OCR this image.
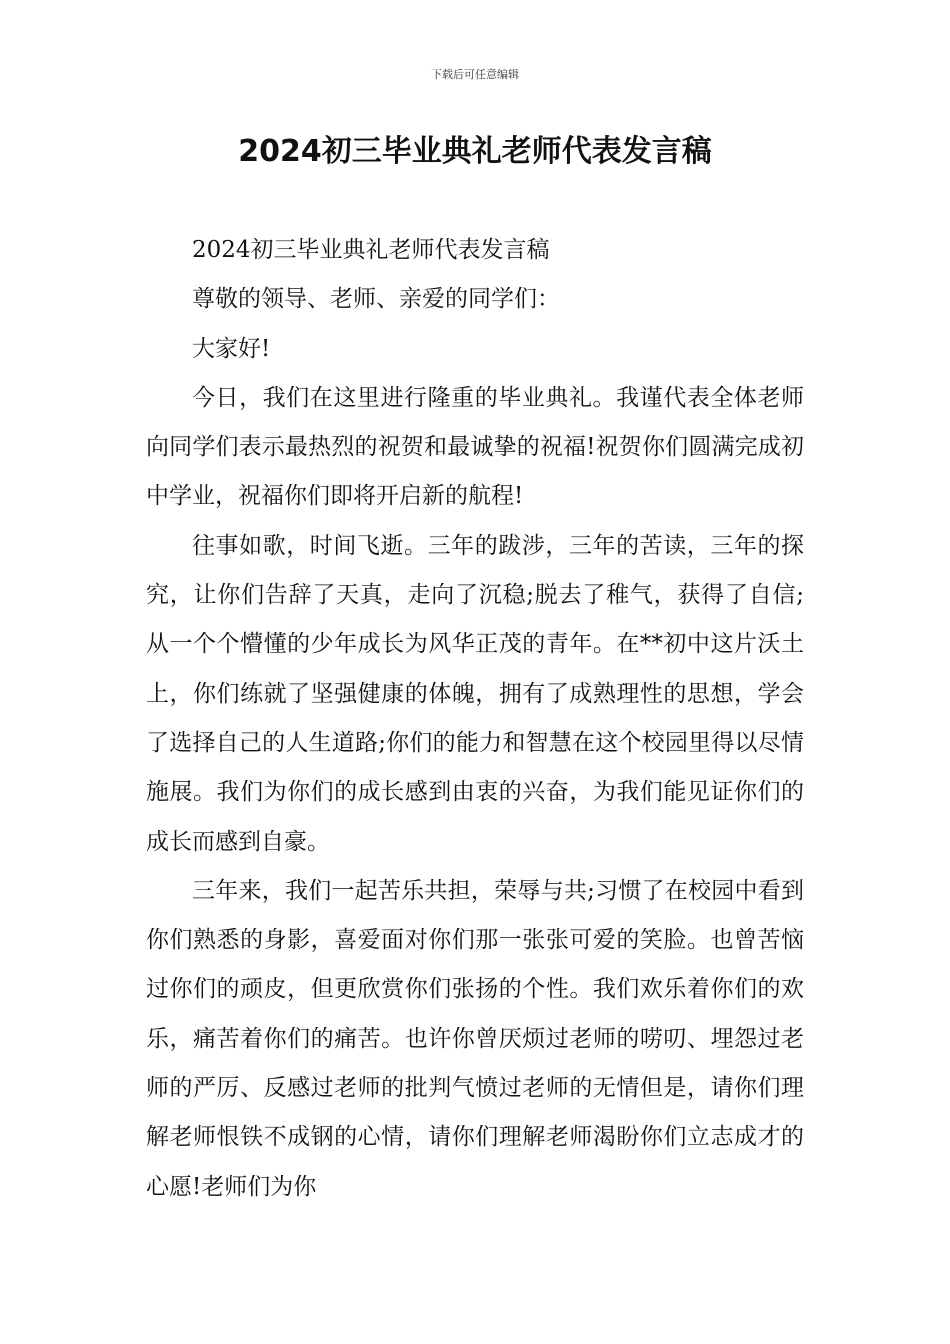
下载后可任意编辑
2024初三毕业典礼老师代表发言稿

2024初三毕业典礼老师代表发言稿

尊敬的领导、老师、亲爱的同学们：

大家好!

今日，我们在这里进行隆重的毕业典礼。我谨代表全体老师向同学们表示最热烈的祝贺和最诚挚的祝福!祝贺你们圆满完成初中学业，祝福你们即将开启新的航程!

往事如歌，时间飞逝。三年的跋涉，三年的苦读，三年的探究，让你们告辞了天真，走向了沉稳;脱去了稚气，获得了自信;从一个个懵懂的少年成长为风华正茂的青年。在**初中这片沃土上，你们练就了坚强健康的体魄，拥有了成熟理性的思想，学会了选择自己的人生道路;你们的能力和智慧在这个校园里得以尽情施展。我们为你们的成长感到由衷的兴奋，为我们能见证你们的成长而感到自豪。

三年来，我们一起苦乐共担，荣辱与共;习惯了在校园中看到你们熟悉的身影，喜爱面对你们那一张张可爱的笑脸。也曾苦恼过你们的顽皮，但更欣赏你们张扬的个性。我们欢乐着你们的欢乐，痛苦着你们的痛苦。也许你曾厌烦过老师的唠叨、埋怨过老师的严厉、反感过老师的批判气愤过老师的无情但是，请你们理解老师恨铁不成钢的心情，请你们理解老师渴盼你们立志成才的心愿!老师们为你
